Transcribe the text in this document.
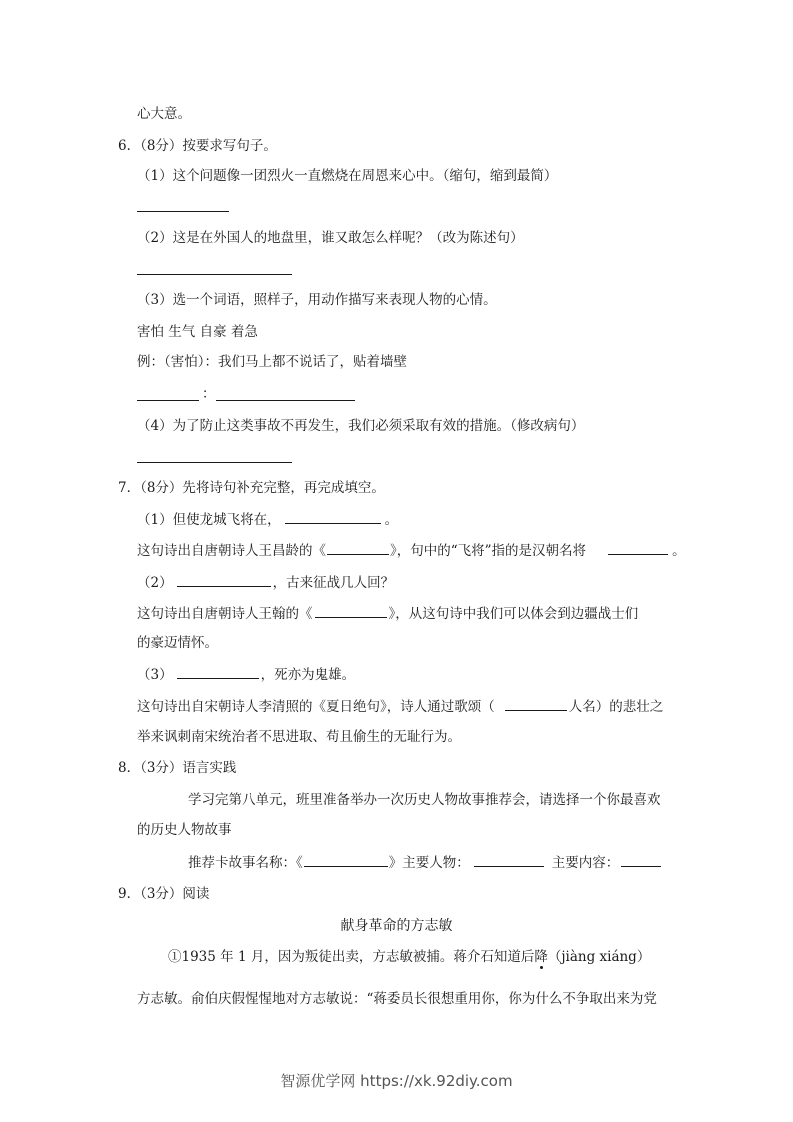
心大意。
6．（8分）按要求写句子。
（1）这个问题像一团烈火一直燃烧在周恩来心中。（缩句，缩到最简）
（2）这是在外国人的地盘里，谁又敢怎么样呢？（改为陈述句）
（3）选一个词语，照样子，用动作描写来表现人物的心情。
害怕 生气 自豪 着急
例：（害怕）：我们马上都不说话了，贴着墙壁
：
（4）为了防止这类事故不再发生，我们必须采取有效的措施。（修改病句）
7．（8分）先将诗句补充完整，再完成填空。
（1）但使龙城飞将在，	。
这句诗出自唐朝诗人王昌龄的《	》，句中的“飞将”指的是汉朝名将	。
（2）	，古来征战几人回？
这句诗出自唐朝诗人王翰的《	》，从这句诗中我们可以体会到边疆战士们
的豪迈情怀。
（3）	，死亦为鬼雄。
这句诗出自宋朝诗人李清照的《夏日绝句》，诗人通过歌颂（	人名）的悲壮之
举来讽刺南宋统治者不思进取、苟且偷生的无耻行为。
8．（3分）语言实践
学习完第八单元，班里准备举办一次历史人物故事推荐会，请选择一个你最喜欢
的历史人物故事
推荐卡故事名称：《	》主要人物：	主要内容：
9．（3分）阅读
献身革命的方志敏
①1935 年 1 月，因为叛徒出卖，方志敏被捕。蒋介石知道后降（jiàng xiáng）
方志敏。俞伯庆假惺惺地对方志敏说：“蒋委员长很想重用你，你为什么不争取出来为党
智源优学网 https://xk.92diy.com
